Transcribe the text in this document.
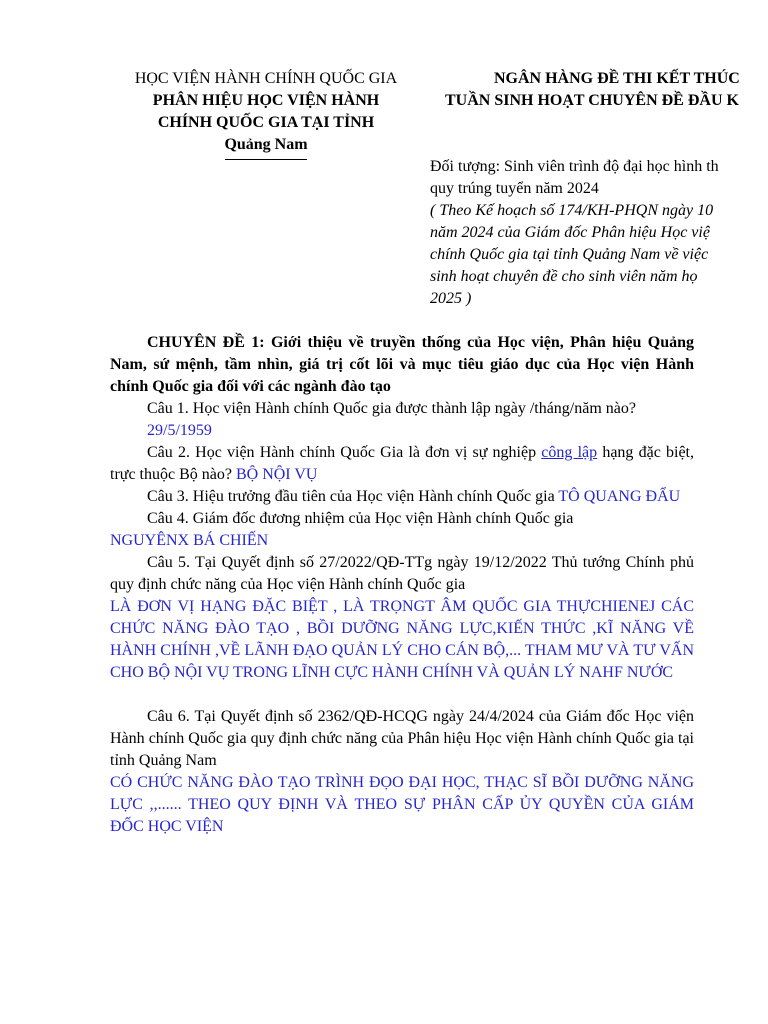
HỌC VIỆN HÀNH CHÍNH QUỐC GIA
PHÂN HIỆU HỌC VIỆN HÀNH
CHÍNH QUỐC GIA TẠI TỈNH
Quảng Nam
NGÂN HÀNG ĐỀ THI KẾT THÚC
TUẦN SINH HOẠT CHUYÊN ĐỀ ĐẦU K
Đối tượng: Sinh viên trình độ đại học hình th
quy trúng tuyển năm 2024
( Theo Kế hoạch số 174/KH-PHQN ngày 10
năm 2024 của Giám đốc Phân hiệu Học việ
chính Quốc gia tại tỉnh Quảng Nam về việc
sinh hoạt chuyên đề cho sinh viên năm họ
2025 )

CHUYÊN ĐỀ 1: Giới thiệu về truyền thống của Học viện, Phân hiệu Quảng Nam, sứ mệnh, tầm nhìn, giá trị cốt lõi và mục tiêu giáo dục của Học viện Hành chính Quốc gia đối với các ngành đào tạo

Câu 1. Học viện Hành chính Quốc gia được thành lập ngày /tháng/năm nào?

29/5/1959

Câu 2. Học viện Hành chính Quốc Gia là đơn vị sự nghiệp công lập hạng đặc biệt, trực thuộc Bộ nào? BỘ NỘI VỤ

Câu 3. Hiệu trưởng đầu tiên của Học viện Hành chính Quốc gia TÔ QUANG ĐẨU

Câu 4. Giám đốc đương nhiệm của Học viện Hành chính Quốc gia

NGUYÊNX BÁ CHIẾN

Câu 5. Tại Quyết định số 27/2022/QĐ-TTg ngày 19/12/2022 Thủ tướng Chính phủ quy định chức năng của Học viện Hành chính Quốc gia

LÀ ĐƠN VỊ HẠNG ĐẶC BIỆT , LÀ TRỌNGT ÂM QUỐC GIA THỰCHIENEJ CÁC CHỨC NĂNG ĐÀO TẠO , BỒI DƯỠNG NĂNG LỰC,KIẾN THỨC ,KĨ NĂNG VỀ HÀNH CHÍNH ,VỀ LÃNH ĐẠO QUẢN LÝ CHO CÁN BỘ,... THAM MƯ VÀ TƯ VẤN CHO BỘ NỘI VỤ TRONG LĨNH CỰC HÀNH CHÍNH VÀ QUẢN LÝ NAHF NƯỚC

Câu 6. Tại Quyết định số 2362/QĐ-HCQG ngày 24/4/2024 của Giám đốc Học viện Hành chính Quốc gia quy định chức năng của Phân hiệu Học viện Hành chính Quốc gia tại tỉnh Quảng Nam

CÓ CHỨC NĂNG ĐÀO TẠO TRÌNH ĐỌO ĐẠI HỌC, THẠC SĨ BỒI DƯỠNG NĂNG LỰC ,,...... THEO QUY ĐỊNH VÀ THEO SỰ PHÂN CẤP ỦY QUYỀN CỦA GIÁM ĐỐC HỌC VIỆN
